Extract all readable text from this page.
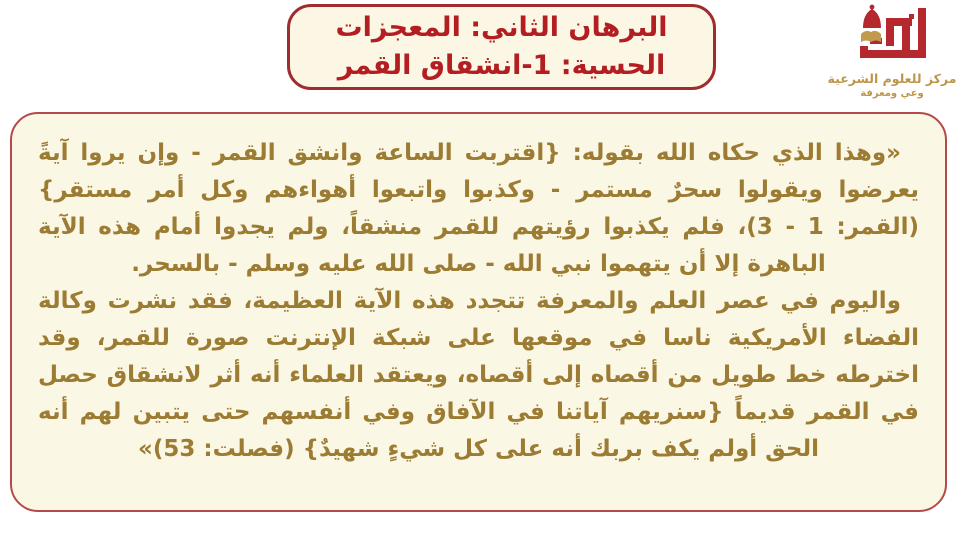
البرهان الثاني: المعجزات
الحسية: 1-انشقاق القمر	مركز للعلوم الشرعية
وعي ومعرفة

«وهذا الذي حكاه الله بقوله: {اقتربت الساعة وانشق القمر - وإن يروا آيةً يعرضوا ويقولوا سحرٌ مستمر - وكذبوا واتبعوا أهواءهم وكل أمر مستقر} (القمر: 1 - 3)، فلم يكذبوا رؤيتهم للقمر منشقاً، ولم يجدوا أمام هذه الآية الباهرة إلا أن يتهموا نبي الله - صلى الله عليه وسلم - بالسحر.

واليوم في عصر العلم والمعرفة تتجدد هذه الآية العظيمة، فقد نشرت وكالة الفضاء الأمريكية ناسا في موقعها على شبكة الإنترنت صورة للقمر، وقد اخترطه خط طويل من أقصاه إلى أقصاه، ويعتقد العلماء أنه أثر لانشقاق حصل في القمر قديماً {سنريهم آياتنا في الآفاق وفي أنفسهم حتى يتبين لهم أنه الحق أولم يكف بربك أنه على كل شيءٍ شهيدٌ} (فصلت: 53)»
